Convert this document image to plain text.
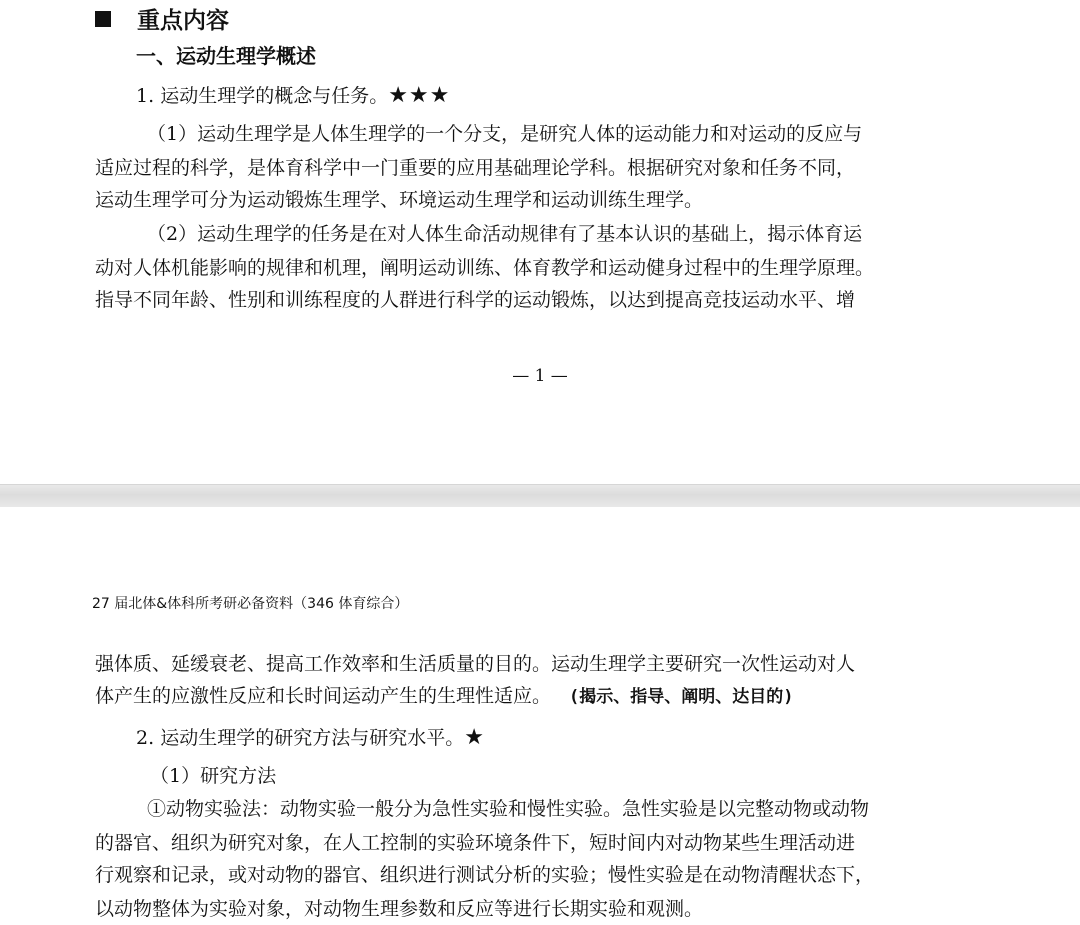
重点内容
一、运动生理学概述
1. 运动生理学的概念与任务。★★★
（1）运动生理学是人体生理学的一个分支，是研究人体的运动能力和对运动的反应与
适应过程的科学，是体育科学中一门重要的应用基础理论学科。根据研究对象和任务不同，
运动生理学可分为运动锻炼生理学、环境运动生理学和运动训练生理学。
（2）运动生理学的任务是在对人体生命活动规律有了基本认识的基础上，揭示体育运
动对人体机能影响的规律和机理，阐明运动训练、体育教学和运动健身过程中的生理学原理。
指导不同年龄、性别和训练程度的人群进行科学的运动锻炼，以达到提高竞技运动水平、增
— 1 —
27 届北体&体科所考研必备资料（346 体育综合）
强体质、延缓衰老、提高工作效率和生活质量的目的。运动生理学主要研究一次性运动对人
体产生的应激性反应和长时间运动产生的生理性适应。 (揭示、指导、阐明、达目的)
2. 运动生理学的研究方法与研究水平。★
（1）研究方法
①动物实验法：动物实验一般分为急性实验和慢性实验。急性实验是以完整动物或动物
的器官、组织为研究对象，在人工控制的实验环境条件下，短时间内对动物某些生理活动进
行观察和记录，或对动物的器官、组织进行测试分析的实验；慢性实验是在动物清醒状态下，
以动物整体为实验对象，对动物生理参数和反应等进行长期实验和观测。
